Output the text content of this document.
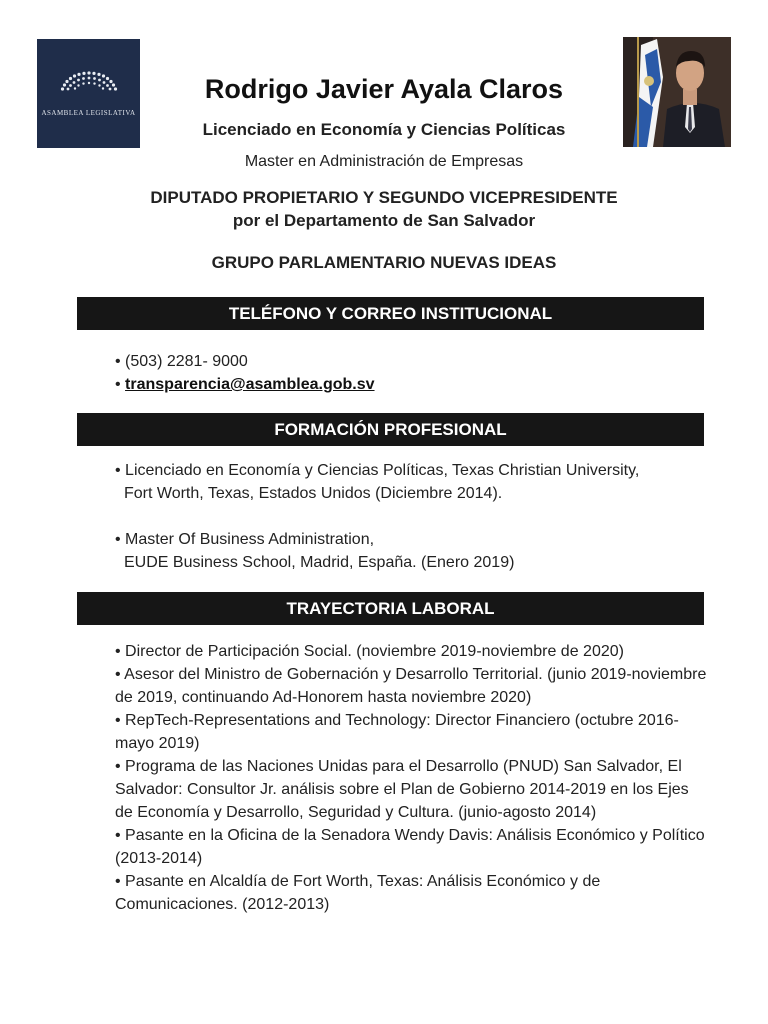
ASAMBLEA LEGISLATIVA
Rodrigo Javier Ayala Claros
Licenciado en Economía y Ciencias Políticas
Master en Administración de Empresas
DIPUTADO PROPIETARIO Y SEGUNDO VICEPRESIDENTE
por el Departamento de San Salvador
GRUPO PARLAMENTARIO NUEVAS IDEAS
TELÉFONO Y CORREO INSTITUCIONAL

• (503) 2281- 9000

• transparencia@asamblea.gob.sv

FORMACIÓN PROFESIONAL

• Licenciado en Economía y Ciencias Políticas, Texas Christian University,

Fort Worth, Texas, Estados Unidos (Diciembre 2014).

• Master Of Business Administration,

EUDE Business School, Madrid, España. (Enero 2019)

TRAYECTORIA LABORAL

• Director de Participación Social. (noviembre 2019-noviembre de 2020)

• Asesor del Ministro de Gobernación y Desarrollo Territorial. (junio 2019-noviembre de 2019, continuando Ad-Honorem hasta noviembre 2020)

• RepTech-Representations and Technology: Director Financiero (octubre 2016-mayo 2019)

• Programa de las Naciones Unidas para el Desarrollo (PNUD) San Salvador, El Salvador: Consultor Jr. análisis sobre el Plan de Gobierno 2014-2019 en los Ejes de Economía y Desarrollo, Seguridad y Cultura. (junio-agosto 2014)

• Pasante en la Oficina de la Senadora Wendy Davis: Análisis Económico y Político (2013-2014)

• Pasante en Alcaldía de Fort Worth, Texas: Análisis Económico y de Comunicaciones. (2012-2013)
